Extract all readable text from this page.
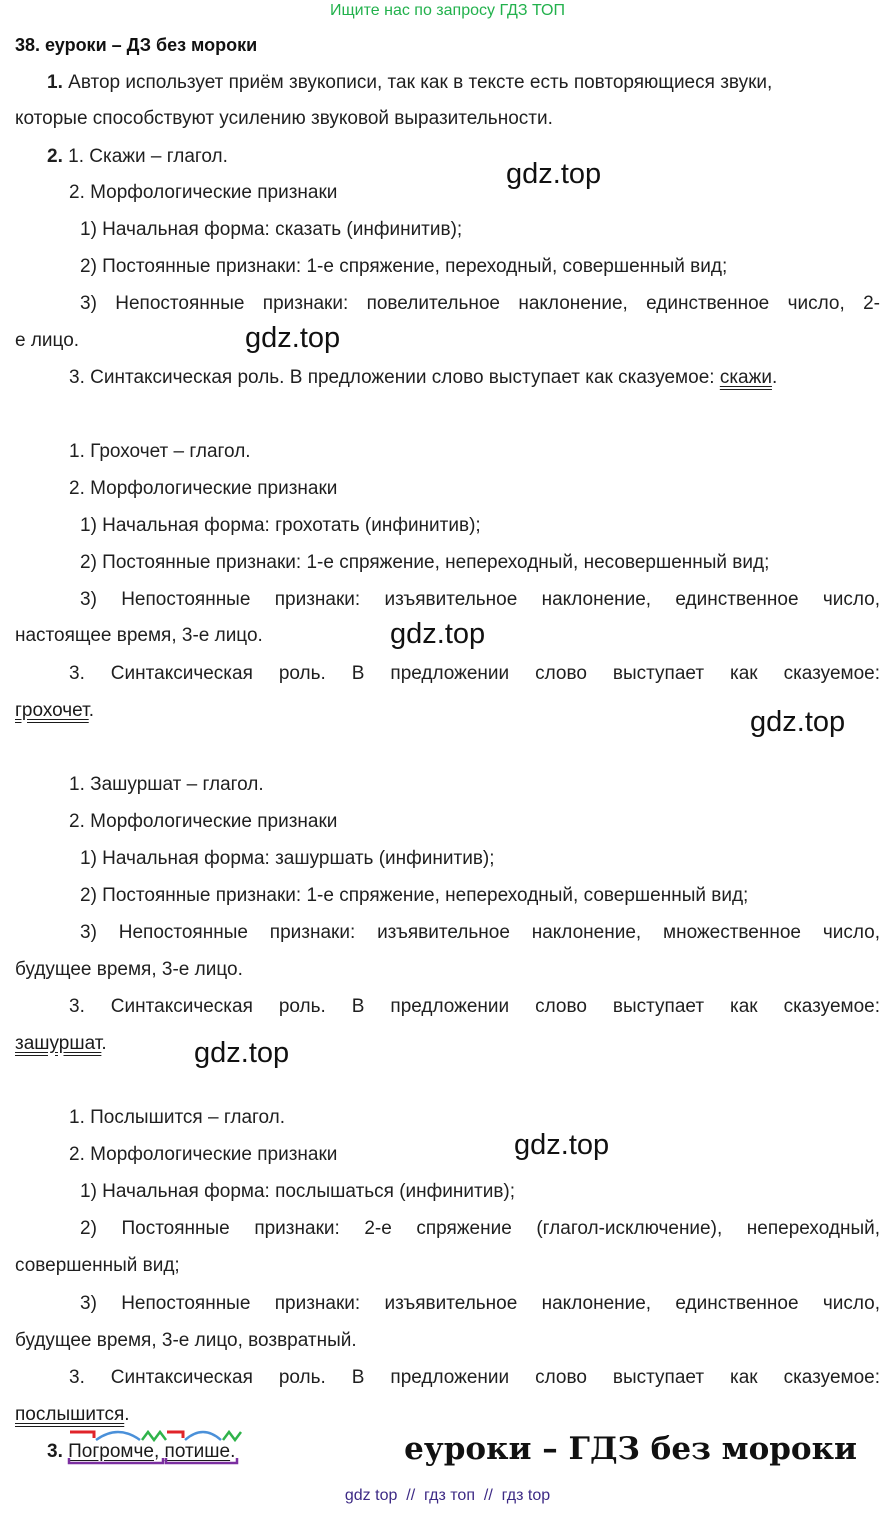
Ищите нас по запросу ГДЗ ТОП
38. еуроки – ДЗ без мороки
1. Автор использует приём звукописи, так как в тексте есть повторяющиеся звуки,
которые способствуют усилению звуковой выразительности.
2. 1. Скажи – глагол.
2. Морфологические признаки
1) Начальная форма: сказать (инфинитив);
2) Постоянные признаки: 1-е спряжение, переходный, совершенный вид;
3) Непостоянные признаки: повелительное наклонение, единственное число, 2-
е лицо.
3. Синтаксическая роль. В предложении слово выступает как сказуемое: скажи.
1. Грохочет – глагол.
2. Морфологические признаки
1) Начальная форма: грохотать (инфинитив);
2) Постоянные признаки: 1-е спряжение, непереходный, несовершенный вид;
3) Непостоянные признаки: изъявительное наклонение, единственное число,
настоящее время, 3-е лицо.
3. Синтаксическая роль. В предложении слово выступает как сказуемое:
грохочет.
1. Зашуршат – глагол.
2. Морфологические признаки
1) Начальная форма: зашуршать (инфинитив);
2) Постоянные признаки: 1-е спряжение, непереходный, совершенный вид;
3) Непостоянные признаки: изъявительное наклонение, множественное число,
будущее время, 3-е лицо.
3. Синтаксическая роль. В предложении слово выступает как сказуемое:
зашуршат.
1. Послышится – глагол.
2. Морфологические признаки
1) Начальная форма: послышаться (инфинитив);
2) Постоянные признаки: 2-е спряжение (глагол-исключение), непереходный,
совершенный вид;
3) Непостоянные признаки: изъявительное наклонение, единственное число,
будущее время, 3-е лицо, возвратный.
3. Синтаксическая роль. В предложении слово выступает как сказуемое:
послышится.
3. Погромче, потише.
gdz.top
gdz.top
gdz.top
gdz.top
gdz.top
gdz.top
еуроки – ГДЗ без мороки
gdz top  //  гдз топ  //  гдз top
